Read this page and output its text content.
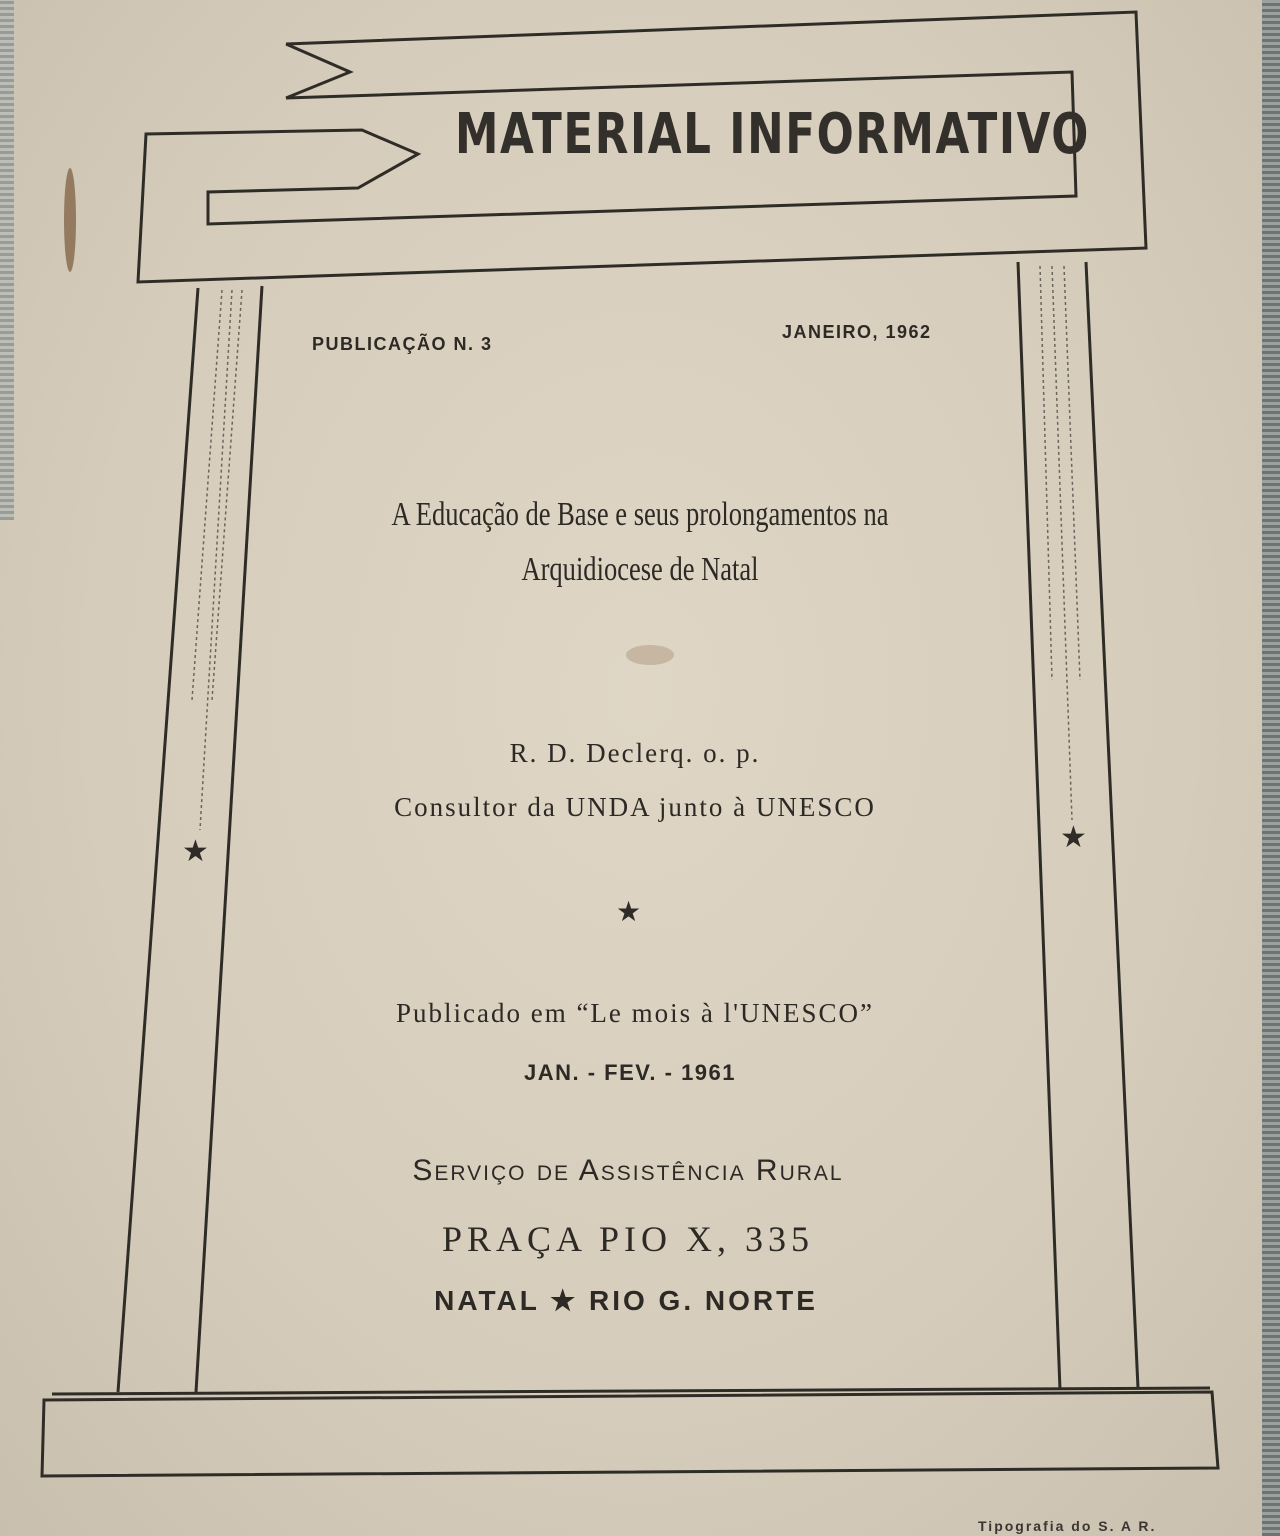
MATERIAL INFORMATIVO
PUBLICAÇÃO N. 3
JANEIRO, 1962
A Educação de Base e seus prolongamentos na
Arquidiocese de Natal
R. D. Declerq. o. p.
Consultor da UNDA junto à UNESCO
★	★
★
Publicado em “Le mois à l'UNESCO”
JAN. - FEV. - 1961
Serviço de Assistência Rural
PRAÇA PIO X, 335
NATAL ★ RIO G. NORTE
Tipografia do S. A R.
